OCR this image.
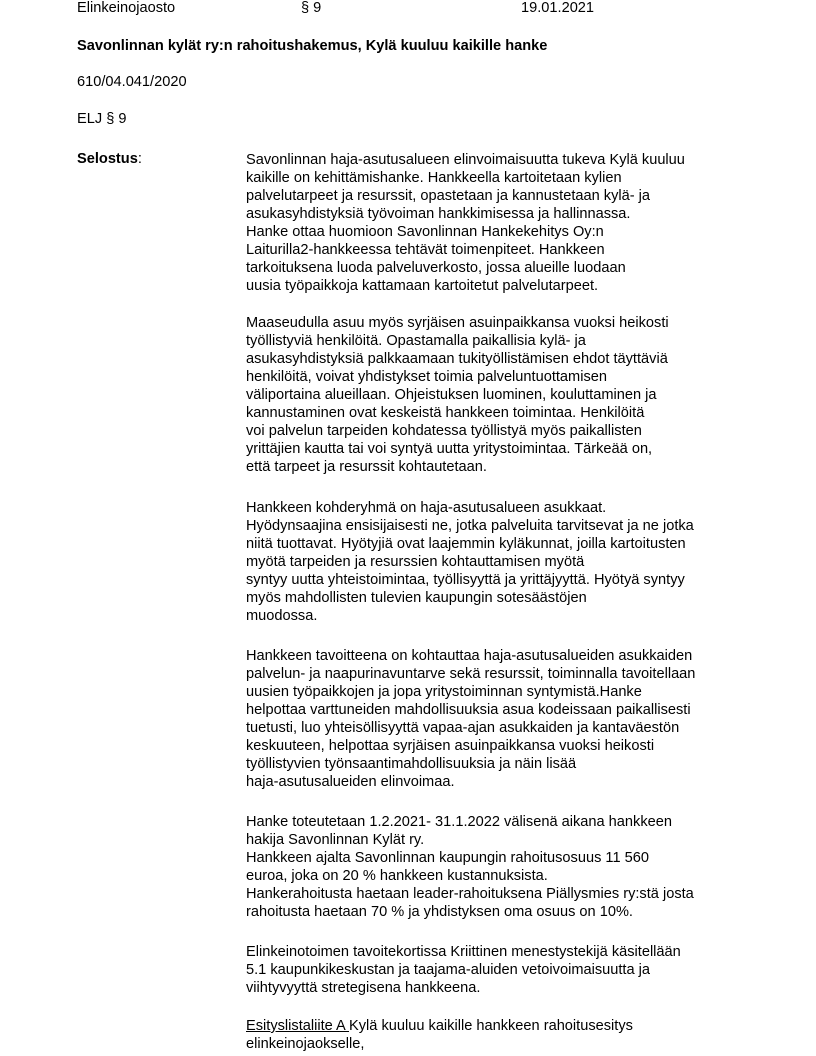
Elinkeinojaosto	§ 9	19.01.2021
Savonlinnan kylät ry:n rahoitushakemus, Kylä kuuluu kaikille hanke
610/04.041/2020
ELJ § 9
Selostus:	Savonlinnan haja-asutusalueen elinvoimaisuutta tukeva Kylä kuuluu
kaikille on kehittämishanke. Hankkeella kartoitetaan kylien
palvelutarpeet ja resurssit, opastetaan ja kannustetaan kylä- ja
asukasyhdistyksiä työvoiman hankkimisessa ja hallinnassa.
Hanke ottaa huomioon Savonlinnan Hankekehitys Oy:n
Laiturilla2-hankkeessa tehtävät toimenpiteet. Hankkeen
tarkoituksena luoda palveluverkosto, jossa alueille luodaan
uusia työpaikkoja kattamaan kartoitetut palvelutarpeet.
Maaseudulla asuu myös syrjäisen asuinpaikkansa vuoksi heikosti
työllistyviä henkilöitä. Opastamalla paikallisia kylä- ja
asukasyhdistyksiä palkkaamaan tukityöllistämisen ehdot täyttäviä
henkilöitä, voivat yhdistykset toimia palveluntuottamisen
väliportaina alueillaan. Ohjeistuksen luominen, kouluttaminen ja
kannustaminen ovat keskeistä hankkeen toimintaa. Henkilöitä
voi palvelun tarpeiden kohdatessa työllistyä myös paikallisten
yrittäjien kautta tai voi syntyä uutta yritystoimintaa. Tärkeää on,
että tarpeet ja resurssit kohtautetaan.
Hankkeen kohderyhmä on haja-asutusalueen asukkaat.
Hyödynsaajina ensisijaisesti ne, jotka palveluita tarvitsevat ja ne jotka
niitä tuottavat. Hyötyjiä ovat laajemmin kyläkunnat, joilla kartoitusten
myötä tarpeiden ja resurssien kohtauttamisen myötä
syntyy uutta yhteistoimintaa, työllisyyttä ja yrittäjyyttä. Hyötyä syntyy
myös mahdollisten tulevien kaupungin sotesäästöjen
muodossa.
Hankkeen tavoitteena on kohtauttaa haja-asutusalueiden asukkaiden
palvelun- ja naapurinavuntarve sekä resurssit, toiminnalla tavoitellaan
uusien työpaikkojen ja jopa yritystoiminnan syntymistä.Hanke
helpottaa varttuneiden mahdollisuuksia asua kodeissaan paikallisesti
tuetusti, luo yhteisöllisyyttä vapaa-ajan asukkaiden ja kantaväestön
keskuuteen, helpottaa syrjäisen asuinpaikkansa vuoksi heikosti
työllistyvien työnsaantimahdollisuuksia ja näin lisää
haja-asutusalueiden elinvoimaa.
Hanke toteutetaan 1.2.2021- 31.1.2022 välisenä aikana hankkeen
hakija Savonlinnan Kylät ry.
Hankkeen ajalta Savonlinnan kaupungin rahoitusosuus 11 560
euroa, joka on 20 % hankkeen kustannuksista.
Hankerahoitusta haetaan leader-rahoituksena Piällysmies ry:stä josta
rahoitusta haetaan 70 % ja yhdistyksen oma osuus on 10%.
Elinkeinotoimen tavoitekortissa Kriittinen menestystekijä käsitellään
5.1 kaupunkikeskustan ja taajama-aluiden vetoivoimaisuutta ja
viihtyvyyttä stretegisena hankkeena.
Esityslistaliite A Kylä kuuluu kaikille hankkeen rahoitusesitys
elinkeinojaokselle,
